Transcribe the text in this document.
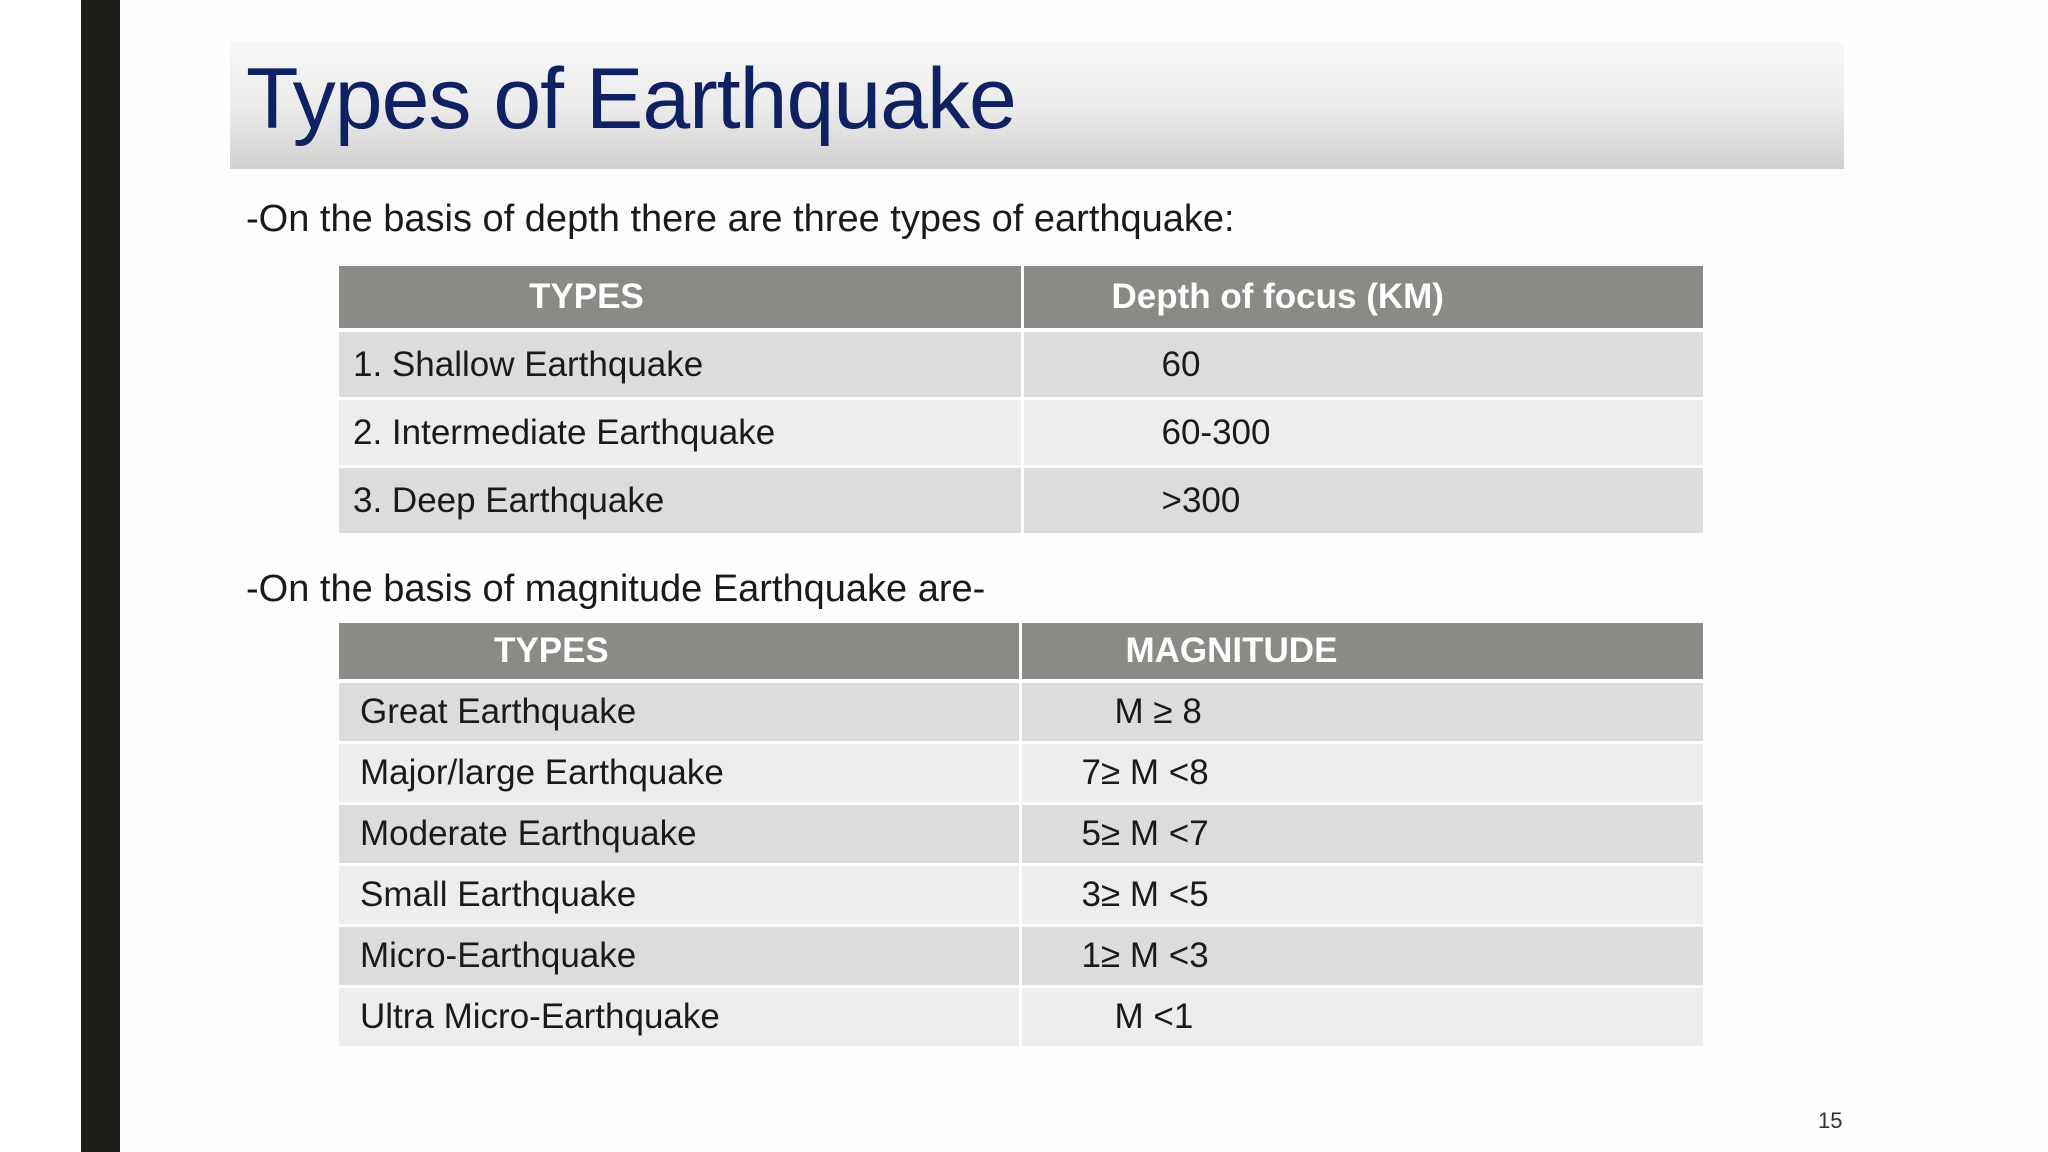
Types of Earthquake

-On the basis of depth there are three types of earthquake:

TYPES	Depth of focus (KM)
1. Shallow Earthquake	60
2. Intermediate Earthquake	60-300
3. Deep Earthquake	>300

-On the basis of magnitude Earthquake are-

TYPES	MAGNITUDE
Great Earthquake	M ≥ 8
Major/large Earthquake	7≥ M <8
Moderate Earthquake	5≥ M <7
Small Earthquake	3≥ M <5
Micro-Earthquake	1≥ M <3
Ultra Micro-Earthquake	M <1
15
